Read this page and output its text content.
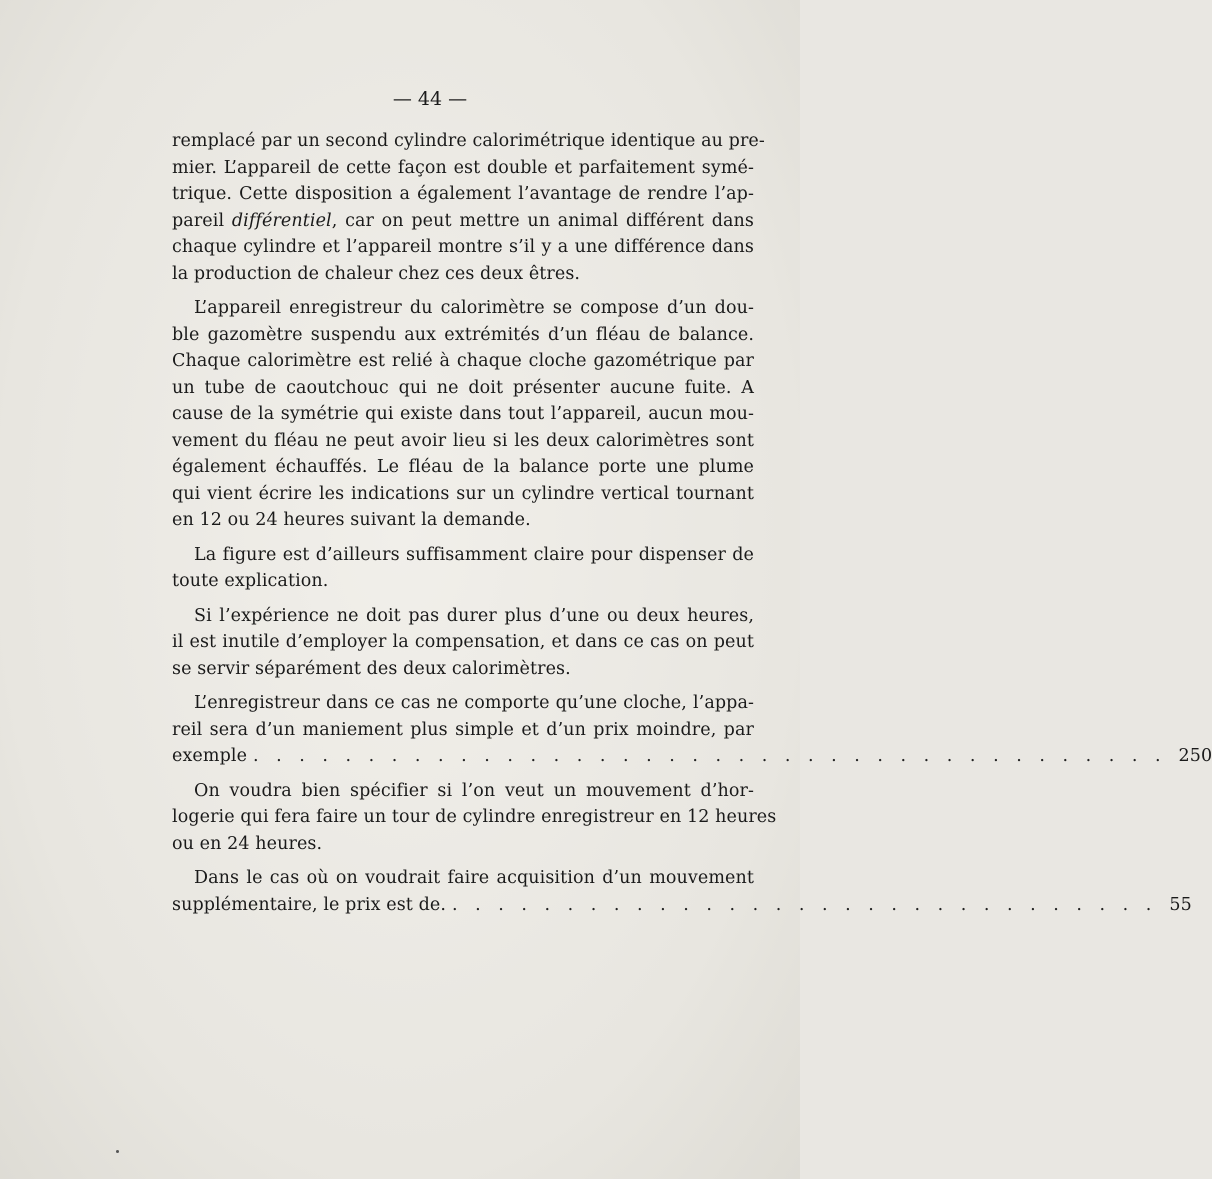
— 44 —

remplacé par un second cylindre calorimétrique identique au pre-
mier. L’appareil de cette façon est double et parfaitement symé-
trique. Cette disposition a également l’avantage de rendre l’ap-
pareil différentiel, car on peut mettre un animal différent dans
chaque cylindre et l’appareil montre s’il y a une différence dans
la production de chaleur chez ces deux êtres.

L’appareil enregistreur du calorimètre se compose d’un dou-
ble gazomètre suspendu aux extrémités d’un fléau de balance.
Chaque calorimètre est relié à chaque cloche gazométrique par
un tube de caoutchouc qui ne doit présenter aucune fuite. A
cause de la symétrie qui existe dans tout l’appareil, aucun mou-
vement du fléau ne peut avoir lieu si les deux calorimètres sont
également échauffés. Le fléau de la balance porte une plume
qui vient écrire les indications sur un cylindre vertical tournant
en 12 ou 24 heures suivant la demande.

La figure est d’ailleurs suffisamment claire pour dispenser de
toute explication.

Si l’expérience ne doit pas durer plus d’une ou deux heures,
il est inutile d’employer la compensation, et dans ce cas on peut
se servir séparément des deux calorimètres.

L’enregistreur dans ce cas ne comporte qu’une cloche, l’appa-
reil sera d’un maniement plus simple et d’un prix moindre, par
exemple . . . . . . . . . . . . . . . . . . . . . . . . . . . . . . . . . . . . . . . . 250

On voudra bien spécifier si l’on veut un mouvement d’hor-
logerie qui fera faire un tour de cylindre enregistreur en 12 heures
ou en 24 heures.

Dans le cas où on voudrait faire acquisition d’un mouvement
supplémentaire, le prix est de. . . . . . . . . . . . . . . . . . . . . . . . . . . . . . . . 55
